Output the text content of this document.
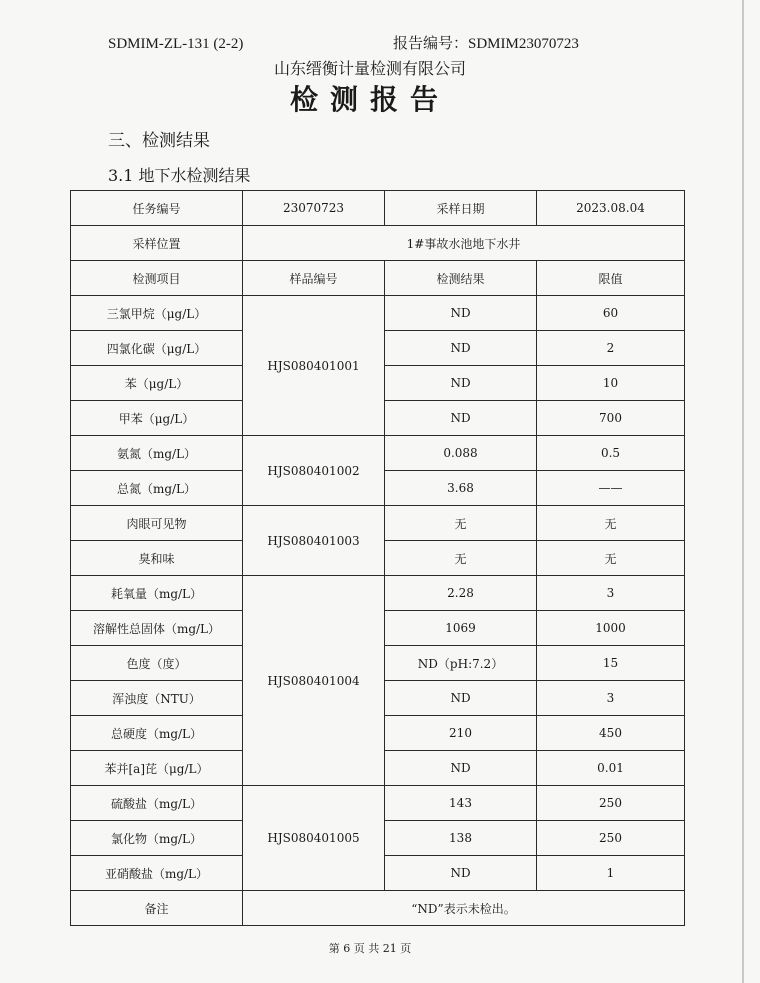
SDMIM-ZL-131 (2-2)	报告编号：SDMIM23070723
山东缙衡计量检测有限公司
检测报告
三、检测结果
3.1 地下水检测结果
任务编号	23070723	采样日期	2023.08.04
采样位置	1#事故水池地下水井		
检测项目	样品编号	检测结果	限值
三氯甲烷（μg/L）	HJS080401001	ND	60
四氯化碳（μg/L）		ND	2
苯（μg/L）		ND	10
甲苯（μg/L）		ND	700
氨氮（mg/L）	HJS080401002	0.088	0.5
总氮（mg/L）		3.68	——
肉眼可见物	HJS080401003	无	无
臭和味		无	无
耗氧量（mg/L）	HJS080401004	2.28	3
溶解性总固体（mg/L）		1069	1000
色度（度）		ND（pH:7.2）	15
浑浊度（NTU）		ND	3
总硬度（mg/L）		210	450
苯并[a]芘（μg/L）		ND	0.01
硫酸盐（mg/L）	HJS080401005	143	250
氯化物（mg/L）		138	250
亚硝酸盐（mg/L）		ND	1
备注	“ND”表示未检出。		
第 6 页 共 21 页
